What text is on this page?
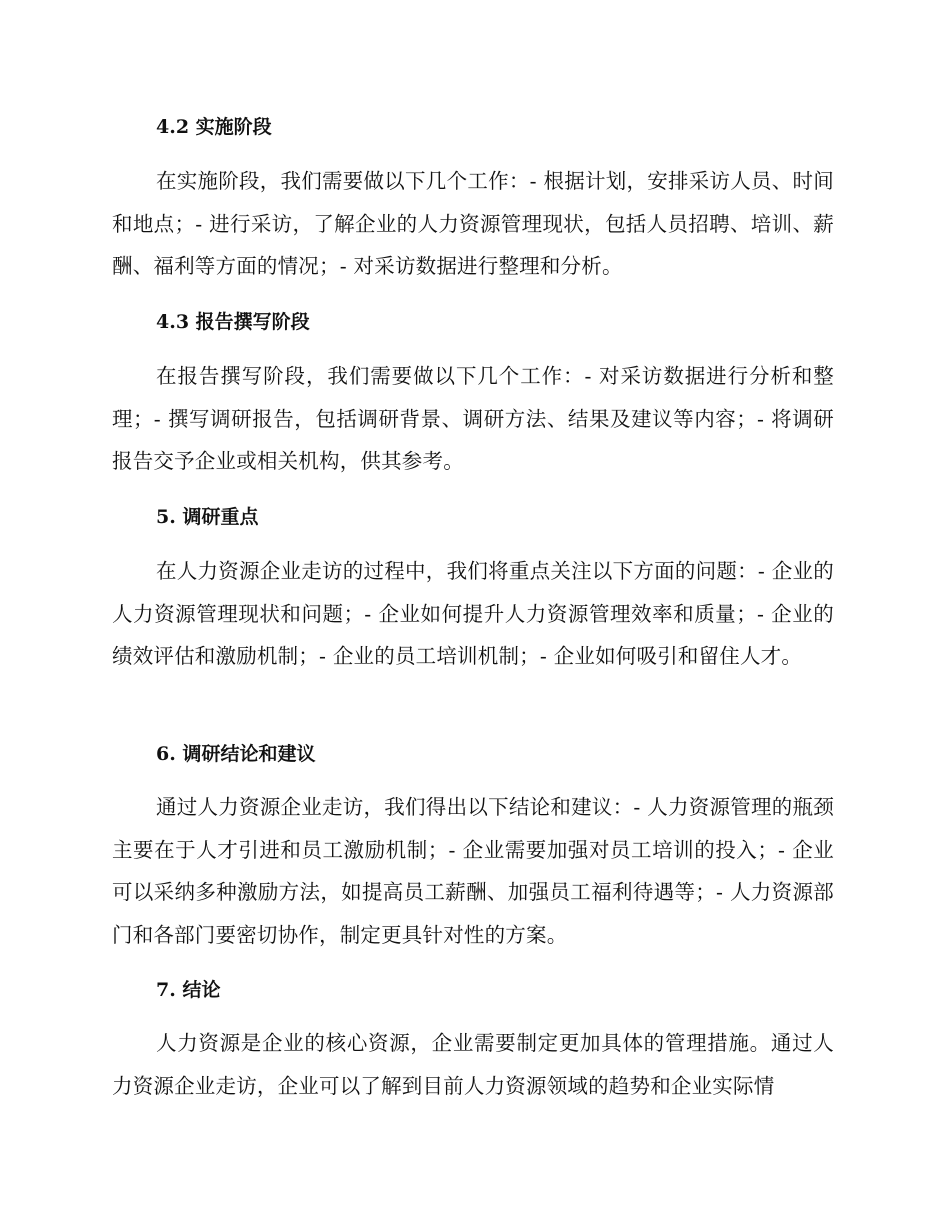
4.2 实施阶段
在实施阶段，我们需要做以下几个工作：- 根据计划，安排采访人员、时间和地点；- 进行采访，了解企业的人力资源管理现状，包括人员招聘、培训、薪酬、福利等方面的情况；- 对采访数据进行整理和分析。
4.3 报告撰写阶段
在报告撰写阶段，我们需要做以下几个工作：- 对采访数据进行分析和整理；- 撰写调研报告，包括调研背景、调研方法、结果及建议等内容；- 将调研报告交予企业或相关机构，供其参考。
5. 调研重点
在人力资源企业走访的过程中，我们将重点关注以下方面的问题：- 企业的人力资源管理现状和问题；- 企业如何提升人力资源管理效率和质量；- 企业的绩效评估和激励机制；- 企业的员工培训机制；- 企业如何吸引和留住人才。
6. 调研结论和建议
通过人力资源企业走访，我们得出以下结论和建议：- 人力资源管理的瓶颈主要在于人才引进和员工激励机制；- 企业需要加强对员工培训的投入；- 企业可以采纳多种激励方法，如提高员工薪酬、加强员工福利待遇等；- 人力资源部门和各部门要密切协作，制定更具针对性的方案。
7. 结论
人力资源是企业的核心资源，企业需要制定更加具体的管理措施。通过人力资源企业走访，企业可以了解到目前人力资源领域的趋势和企业实际情
